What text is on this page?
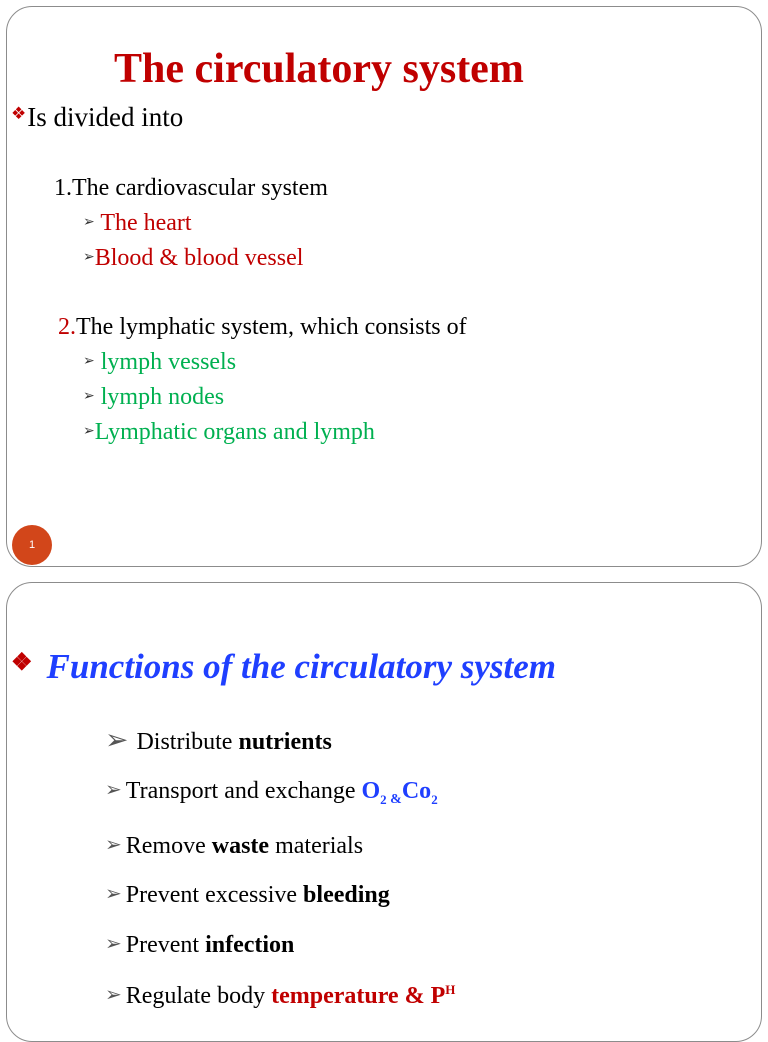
The circulatory system
❖Is divided into
1.The cardiovascular system
➢ The heart
➢Blood & blood vessel
2.The lymphatic system, which consists of
➢ lymph vessels
➢ lymph nodes
➢Lymphatic organs and lymph
1
❖ Functions of the circulatory system
➢ Distribute nutrients
➢ Transport and exchange $O_2$ $_{\&}Co_2$
➢ Remove waste materials
➢ Prevent excessive bleeding
➢ Prevent infection
➢ Regulate body temperature & $P^H$
